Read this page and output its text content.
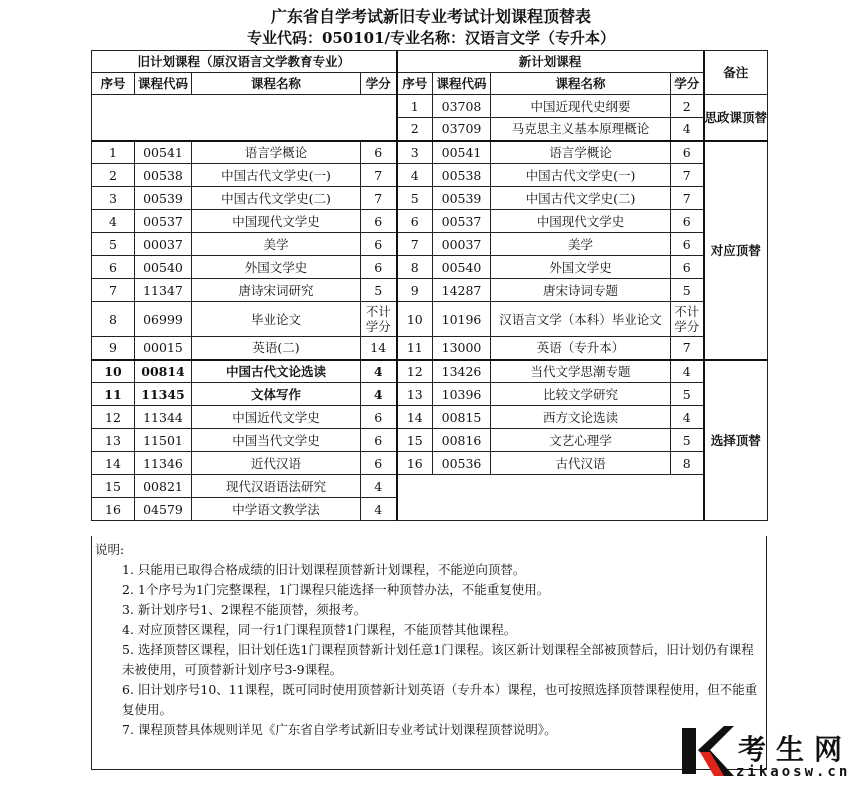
广东省自学考试新旧专业考试计划课程顶替表
专业代码：050101/专业名称：汉语言文学（专升本）
旧计划课程（原汉语言文学教育专业）				新计划课程				备注
序号	课程代码	课程名称	学分	序号	课程代码	课程名称	学分	
				1	03708	中国近现代史纲要	2	思政课顶替
				2	03709	马克思主义基本原理概论	4	
1	00541	语言学概论	6	3	00541	语言学概论	6	对应顶替
2	00538	中国古代文学史(一)	7	4	00538	中国古代文学史(一)	7	
3	00539	中国古代文学史(二)	7	5	00539	中国古代文学史(二)	7	
4	00537	中国现代文学史	6	6	00537	中国现代文学史	6	
5	00037	美学	6	7	00037	美学	6	
6	00540	外国文学史	6	8	00540	外国文学史	6	
7	11347	唐诗宋词研究	5	9	14287	唐宋诗词专题	5	
8	06999	毕业论文	不计学分	10	10196	汉语言文学（本科）毕业论文	不计学分	
9	00015	英语(二)	14	11	13000	英语（专升本）	7	
10	00814	中国古代文论选读	4	12	13426	当代文学思潮专题	4	选择顶替
11	11345	文体写作	4	13	10396	比较文学研究	5	
12	11344	中国近代文学史	6	14	00815	西方文论选读	4	
13	11501	中国当代文学史	6	15	00816	文艺心理学	5	
14	11346	近代汉语	6	16	00536	古代汉语	8	
15	00821	现代汉语语法研究	4					
16	04579	中学语文教学法	4					

说明:

1. 只能用已取得合格成绩的旧计划课程顶替新计划课程，不能逆向顶替。

2. 1个序号为1门完整课程，1门课程只能选择一种顶替办法，不能重复使用。

3. 新计划序号1、2课程不能顶替，须报考。

4. 对应顶替区课程，同一行1门课程顶替1门课程，不能顶替其他课程。

5. 选择顶替区课程，旧计划任选1门课程顶替新计划任意1门课程。该区新计划课程全部被顶替后，旧计划仍有课程未被使用，可顶替新计划序号3-9课程。

6. 旧计划序号10、11课程，既可同时使用顶替新计划英语（专升本）课程，也可按照选择顶替课程使用，但不能重复使用。

7. 课程顶替具体规则详见《广东省自学考试新旧专业考试计划课程顶替说明》。

考生网
zikaosw.cn
